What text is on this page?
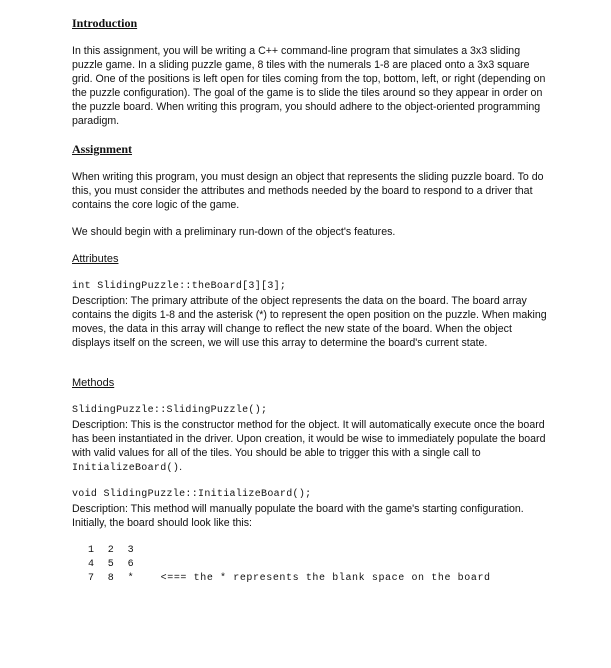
Introduction
In this assignment, you will be writing a C++ command-line program that simulates a 3x3 sliding puzzle game. In a sliding puzzle game, 8 tiles with the numerals 1-8 are placed onto a 3x3 square grid. One of the positions is left open for tiles coming from the top, bottom, left, or right (depending on the puzzle configuration). The goal of the game is to slide the tiles around so they appear in order on the puzzle board. When writing this program, you should adhere to the object-oriented programming paradigm.
Assignment
When writing this program, you must design an object that represents the sliding puzzle board. To do this, you must consider the attributes and methods needed by the board to respond to a driver that contains the core logic of the game.
We should begin with a preliminary run-down of the object's features.
Attributes
int SlidingPuzzle::theBoard[3][3];
Description: The primary attribute of the object represents the data on the board. The board array contains the digits 1-8 and the asterisk (*) to represent the open position on the puzzle. When making moves, the data in this array will change to reflect the new state of the board. When the object displays itself on the screen, we will use this array to determine the board's current state.
Methods
SlidingPuzzle::SlidingPuzzle();
Description: This is the constructor method for the object. It will automatically execute once the board has been instantiated in the driver. Upon creation, it would be wise to immediately populate the board with valid values for all of the tiles. You should be able to trigger this with a single call to InitializeBoard().
void SlidingPuzzle::InitializeBoard();
Description: This method will manually populate the board with the game's starting configuration. Initially, the board should look like this:
1  2  3
4  5  6
7  8  *    <=== the * represents the blank space on the board
